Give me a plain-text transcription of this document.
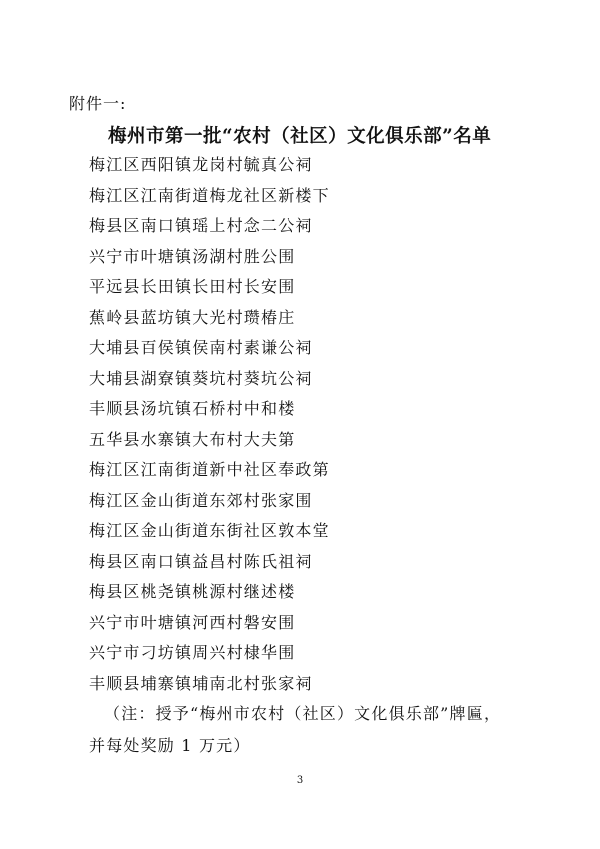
附件一:
梅州市第一批“农村（社区）文化俱乐部”名单
梅江区西阳镇龙岗村毓真公祠
梅江区江南街道梅龙社区新楼下
梅县区南口镇瑶上村念二公祠
兴宁市叶塘镇汤湖村胜公围
平远县长田镇长田村长安围
蕉岭县蓝坊镇大光村瓒椿庄
大埔县百侯镇侯南村素谦公祠
大埔县湖寮镇葵坑村葵坑公祠
丰顺县汤坑镇石桥村中和楼
五华县水寨镇大布村大夫第
梅江区江南街道新中社区奉政第
梅江区金山街道东郊村张家围
梅江区金山街道东街社区敦本堂
梅县区南口镇益昌村陈氏祖祠
梅县区桃尧镇桃源村继述楼
兴宁市叶塘镇河西村磐安围
兴宁市刁坊镇周兴村棣华围
丰顺县埔寨镇埔南北村张家祠
（注：授予“梅州市农村（社区）文化俱乐部”牌匾，
并每处奖励 1 万元）
3
